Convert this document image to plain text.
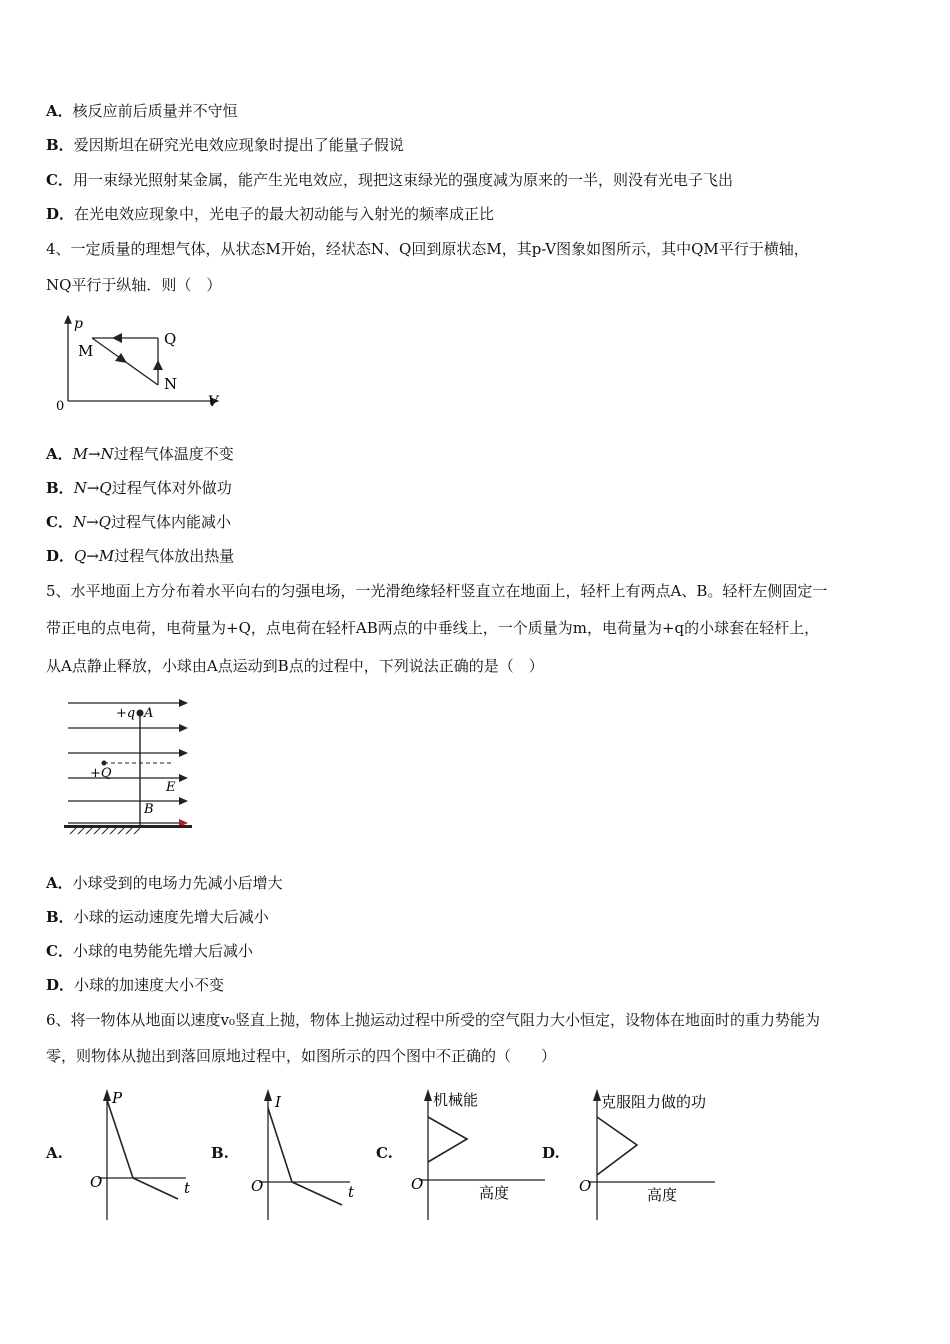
A．核反应前后质量并不守恒
B．爱因斯坦在研究光电效应现象时提出了能量子假说
C．用一束绿光照射某金属，能产生光电效应，现把这束绿光的强度减为原来的一半，则没有光电子飞出
D．在光电效应现象中，光电子的最大初动能与入射光的频率成正比
4、一定质量的理想气体，从状态M开始，经状态N、Q回到原状态M，其p-V图象如图所示，其中QM平行于横轴，
NQ平行于纵轴．则（　）
p
V
0
M
Q
N
A．M→N过程气体温度不变
B．N→Q过程气体对外做功
C．N→Q过程气体内能减小
D．Q→M过程气体放出热量
5、水平地面上方分布着水平向右的匀强电场，一光滑绝缘轻杆竖直立在地面上，轻杆上有两点A、B。轻杆左侧固定一
带正电的点电荷，电荷量为+Q，点电荷在轻杆AB两点的中垂线上，一个质量为m，电荷量为+q的小球套在轻杆上，
从A点静止释放，小球由A点运动到B点的过程中，下列说法正确的是（　）
+q A
+Q
E
B
A．小球受到的电场力先减小后增大
B．小球的运动速度先增大后减小
C．小球的电势能先增大后减小
D．小球的加速度大小不变
6、将一物体从地面以速度v₀竖直上抛，物体上抛运动过程中所受的空气阻力大小恒定，设物体在地面时的重力势能为
零，则物体从抛出到落回原地过程中，如图所示的四个图中不正确的（　　）
A.
P
t
O
B.
I
t
O
C.
机械能
高度
O
D.
克服阻力做的功
高度
O
